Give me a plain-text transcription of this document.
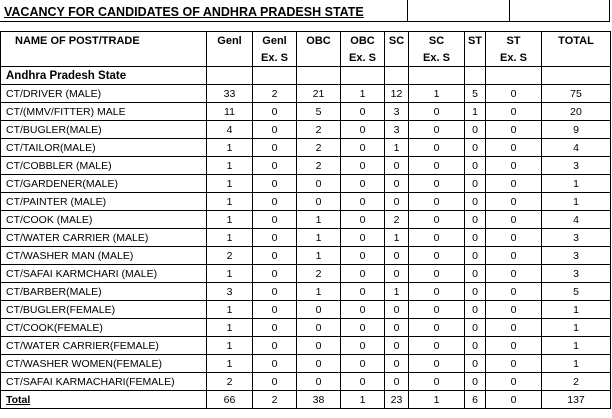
VACANCY FOR CANDIDATES OF ANDHRA PRADESH STATE
NAME OF POST/TRADE	Genl	Genl	OBC	OBC	SC	SC	ST	ST	TOTAL
		Ex. S		Ex. S		Ex. S		Ex. S	
Andhra Pradesh State									
CT/DRIVER (MALE)	33	2	21	1	12	1	5	0	75
CT/(MMV/FITTER) MALE	11	0	5	0	3	0	1	0	20
CT/BUGLER(MALE)	4	0	2	0	3	0	0	0	9
CT/TAILOR(MALE)	1	0	2	0	1	0	0	0	4
CT/COBBLER (MALE)	1	0	2	0	0	0	0	0	3
CT/GARDENER(MALE)	1	0	0	0	0	0	0	0	1
CT/PAINTER (MALE)	1	0	0	0	0	0	0	0	1
CT/COOK (MALE)	1	0	1	0	2	0	0	0	4
CT/WATER CARRIER (MALE)	1	0	1	0	1	0	0	0	3
CT/WASHER MAN (MALE)	2	0	1	0	0	0	0	0	3
CT/SAFAI KARMCHARI (MALE)	1	0	2	0	0	0	0	0	3
CT/BARBER(MALE)	3	0	1	0	1	0	0	0	5
CT/BUGLER(FEMALE)	1	0	0	0	0	0	0	0	1
CT/COOK(FEMALE)	1	0	0	0	0	0	0	0	1
CT/WATER CARRIER(FEMALE)	1	0	0	0	0	0	0	0	1
CT/WASHER WOMEN(FEMALE)	1	0	0	0	0	0	0	0	1
CT/SAFAI KARMACHARI(FEMALE)	2	0	0	0	0	0	0	0	2
Total	66	2	38	1	23	1	6	0	137
